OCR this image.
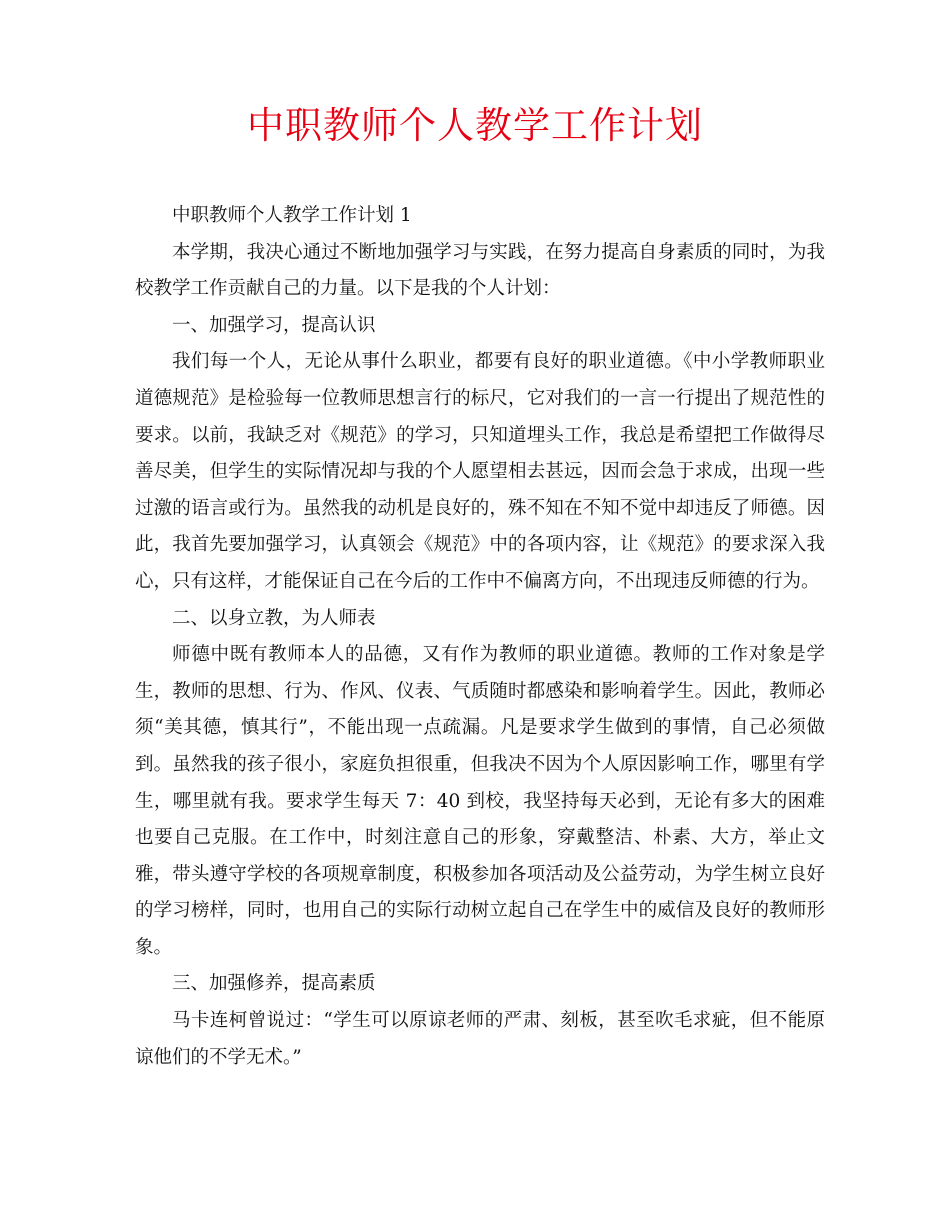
中职教师个人教学工作计划

中职教师个人教学工作计划 1

本学期，我决心通过不断地加强学习与实践，在努力提高自身素质的同时，为我校教学工作贡献自己的力量。以下是我的个人计划：

一、加强学习，提高认识

我们每一个人，无论从事什么职业，都要有良好的职业道德。《中小学教师职业道德规范》是检验每一位教师思想言行的标尺，它对我们的一言一行提出了规范性的要求。以前，我缺乏对《规范》的学习，只知道埋头工作，我总是希望把工作做得尽善尽美，但学生的实际情况却与我的个人愿望相去甚远，因而会急于求成，出现一些过激的语言或行为。虽然我的动机是良好的，殊不知在不知不觉中却违反了师德。因此，我首先要加强学习，认真领会《规范》中的各项内容，让《规范》的要求深入我心，只有这样，才能保证自己在今后的工作中不偏离方向，不出现违反师德的行为。

二、以身立教，为人师表

师德中既有教师本人的品德，又有作为教师的职业道德。教师的工作对象是学生，教师的思想、行为、作风、仪表、气质随时都感染和影响着学生。因此，教师必须“美其德，慎其行”，不能出现一点疏漏。凡是要求学生做到的事情，自己必须做到。虽然我的孩子很小，家庭负担很重，但我决不因为个人原因影响工作，哪里有学生，哪里就有我。要求学生每天 7：40 到校，我坚持每天必到，无论有多大的困难也要自己克服。在工作中，时刻注意自己的形象，穿戴整洁、朴素、大方，举止文雅，带头遵守学校的各项规章制度，积极参加各项活动及公益劳动，为学生树立良好的学习榜样，同时，也用自己的实际行动树立起自己在学生中的威信及良好的教师形象。

三、加强修养，提高素质

马卡连柯曾说过：“学生可以原谅老师的严肃、刻板，甚至吹毛求疵，但不能原谅他们的不学无术。”
